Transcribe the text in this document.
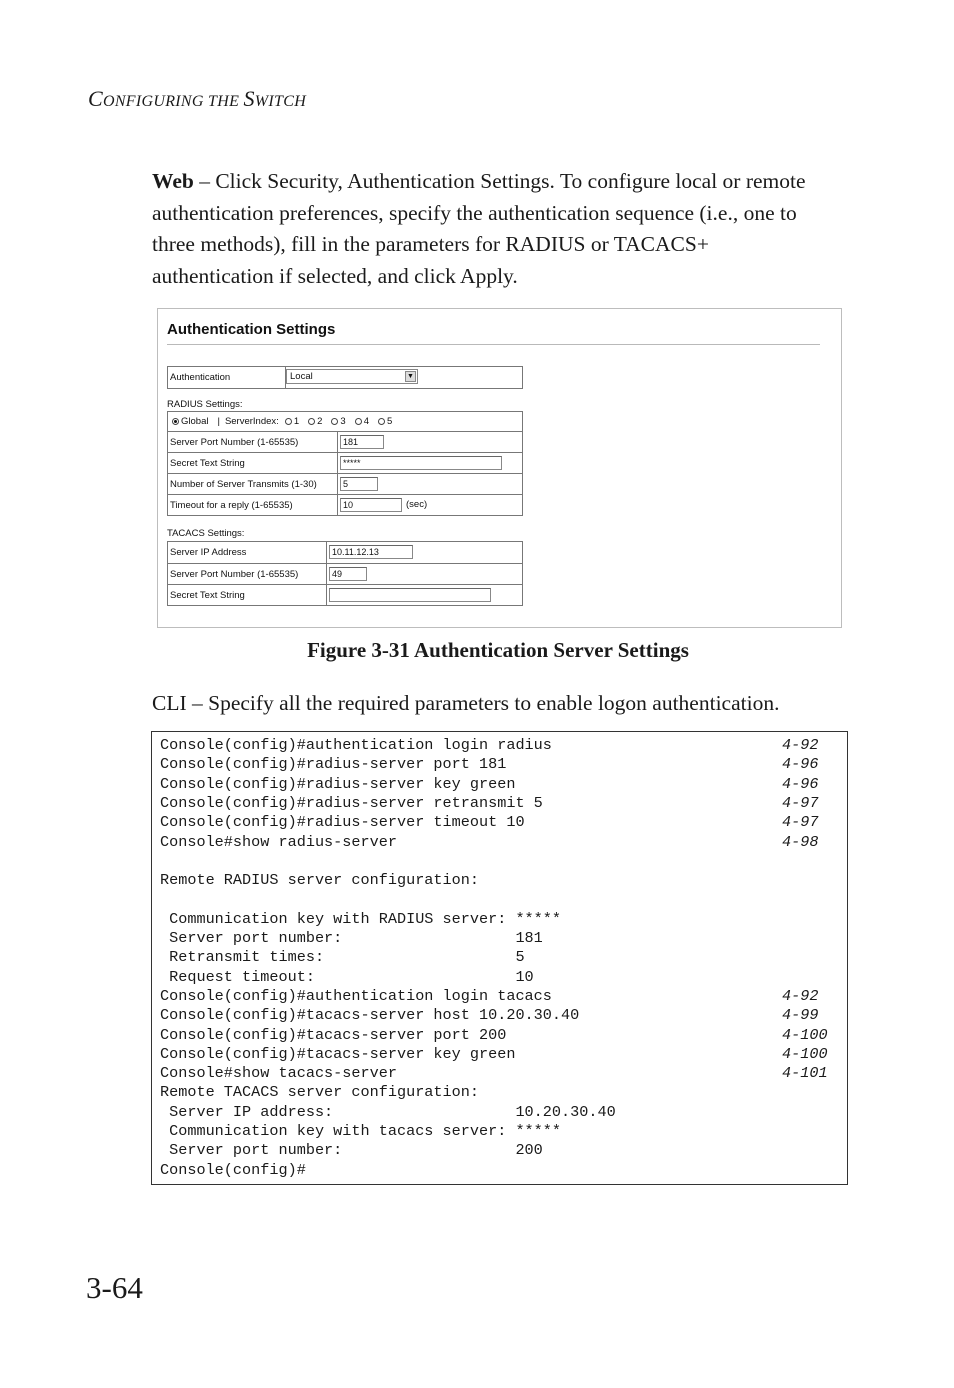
CONFIGURING THE SWITCH
Web – Click Security, Authentication Settings. To configure local or remote authentication preferences, specify the authentication sequence (i.e., one to three methods), fill in the parameters for RADIUS or TACACS+ authentication if selected, and click Apply.
Authentication Settings
Authentication	Local	▼
RADIUS Settings:
Global | ServerIndex: 1 2 3 4 5
Server Port Number (1-65535)	181
Secret Text String	*****
Number of Server Transmits (1-30)	5
Timeout for a reply (1-65535)	10	(sec)
TACACS Settings:
Server IP Address	10.11.12.13
Server Port Number (1-65535)	49
Secret Text String
Figure 3-31 Authentication Server Settings
CLI – Specify all the required parameters to enable logon authentication.
Console(config)#authentication login radius	4-92
Console(config)#radius-server port 181	4-96
Console(config)#radius-server key green	4-96
Console(config)#radius-server retransmit 5	4-97
Console(config)#radius-server timeout 10	4-97
Console#show radius-server	4-98
Remote RADIUS server configuration:
Communication key with RADIUS server: *****
Server port number:                   181
Retransmit times:                     5
Request timeout:                      10
Console(config)#authentication login tacacs	4-92
Console(config)#tacacs-server host 10.20.30.40	4-99
Console(config)#tacacs-server port 200	4-100
Console(config)#tacacs-server key green	4-100
Console#show tacacs-server	4-101
Remote TACACS server configuration:
Server IP address:                    10.20.30.40
Communication key with tacacs server: *****
Server port number:                   200
Console(config)#
3-64
